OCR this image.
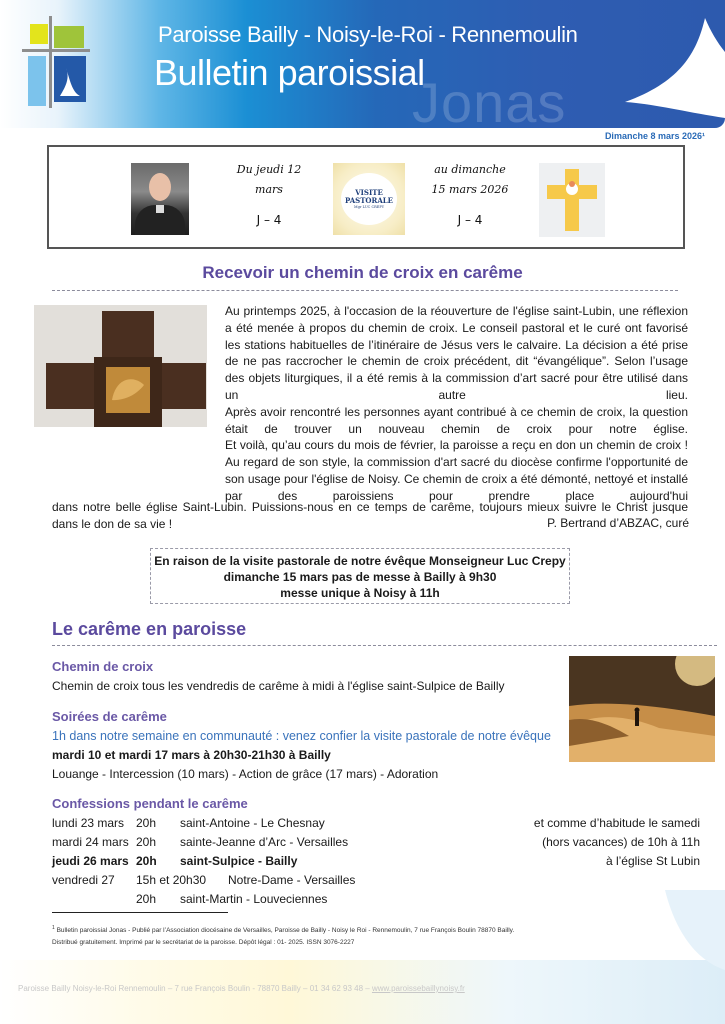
Paroisse Bailly - Noisy-le-Roi - Rennemoulin
Bulletin paroissial
Jonas
Dimanche 8 mars 2026¹
Du jeudi 12
mars
J – 4
VISITE
PASTORALE
Mgr LUC CREPY
au dimanche
15 mars 2026
J – 4
Recevoir un chemin de croix en carême

Au printemps 2025, à l'occasion de la réouverture de l'église saint-Lubin, une réflexion a été menée à propos du chemin de croix. Le conseil pastoral et le curé ont favorisé les stations habituelles de l’itinéraire de Jésus vers le calvaire. La décision a été prise de ne pas raccrocher le chemin de croix précédent, dit “évangélique”. Selon l’usage des objets liturgiques, il a été remis à la commission d’art sacré pour être utilisé dans un autre lieu.

Après avoir rencontré les personnes ayant contribué à ce chemin de croix, la question était de trouver un nouveau chemin de croix pour notre église.

Et voilà, qu’au cours du mois de février, la paroisse a reçu en don un chemin de croix ! Au regard de son style, la commission d'art sacré du diocèse confirme l'opportunité de son usage pour l'église de Noisy. Ce chemin de croix a été démonté, nettoyé et installé par des paroissiens pour prendre place aujourd'hui

dans notre belle église Saint-Lubin. Puissions-nous en ce temps de carême, toujours mieux suivre le Christ jusque dans le don de sa vie !	P. Bertrand d’ABZAC, curé
En raison de la visite pastorale de notre évêque Monseigneur Luc Crepy
dimanche 15 mars pas de messe à Bailly à 9h30
messe unique à Noisy à 11h
Le carême en paroisse
Chemin de croix
Chemin de croix tous les vendredis de carême à midi à l'église saint-Sulpice de Bailly
Soirées de carême
1h dans notre semaine en communauté : venez confier la visite pastorale de notre évêque
mardi 10 et mardi 17 mars à 20h30-21h30 à Bailly
Louange - Intercession (10 mars) - Action de grâce (17 mars) - Adoration
Confessions pendant le carême
lundi 23 mars 20h saint-Antoine - Le Chesnay
mardi 24 mars 20h sainte-Jeanne d’Arc - Versailles
jeudi 26 mars 20h saint-Sulpice - Bailly
vendredi 27 15h et 20h30 Notre-Dame - Versailles
20h saint-Martin - Louveciennes
et comme d’habitude le samedi
(hors vacances) de 10h à 11h
à l’église St Lubin
$^1$ Bulletin paroissial Jonas - Publié par l’Association diocésaine de Versailles, Paroisse de Bailly - Noisy le Roi - Rennemoulin, 7 rue François Boulin 78870 Bailly.
Distribué gratuitement. Imprimé par le secrétariat de la paroisse. Dépôt légal : 01- 2025. ISSN 3076-2227
Paroisse Bailly Noisy-le-Roi Rennemoulin – 7 rue François Boulin - 78870 Bailly – 01 34 62 93 48 – www.paroissebaillynoisy.fr
